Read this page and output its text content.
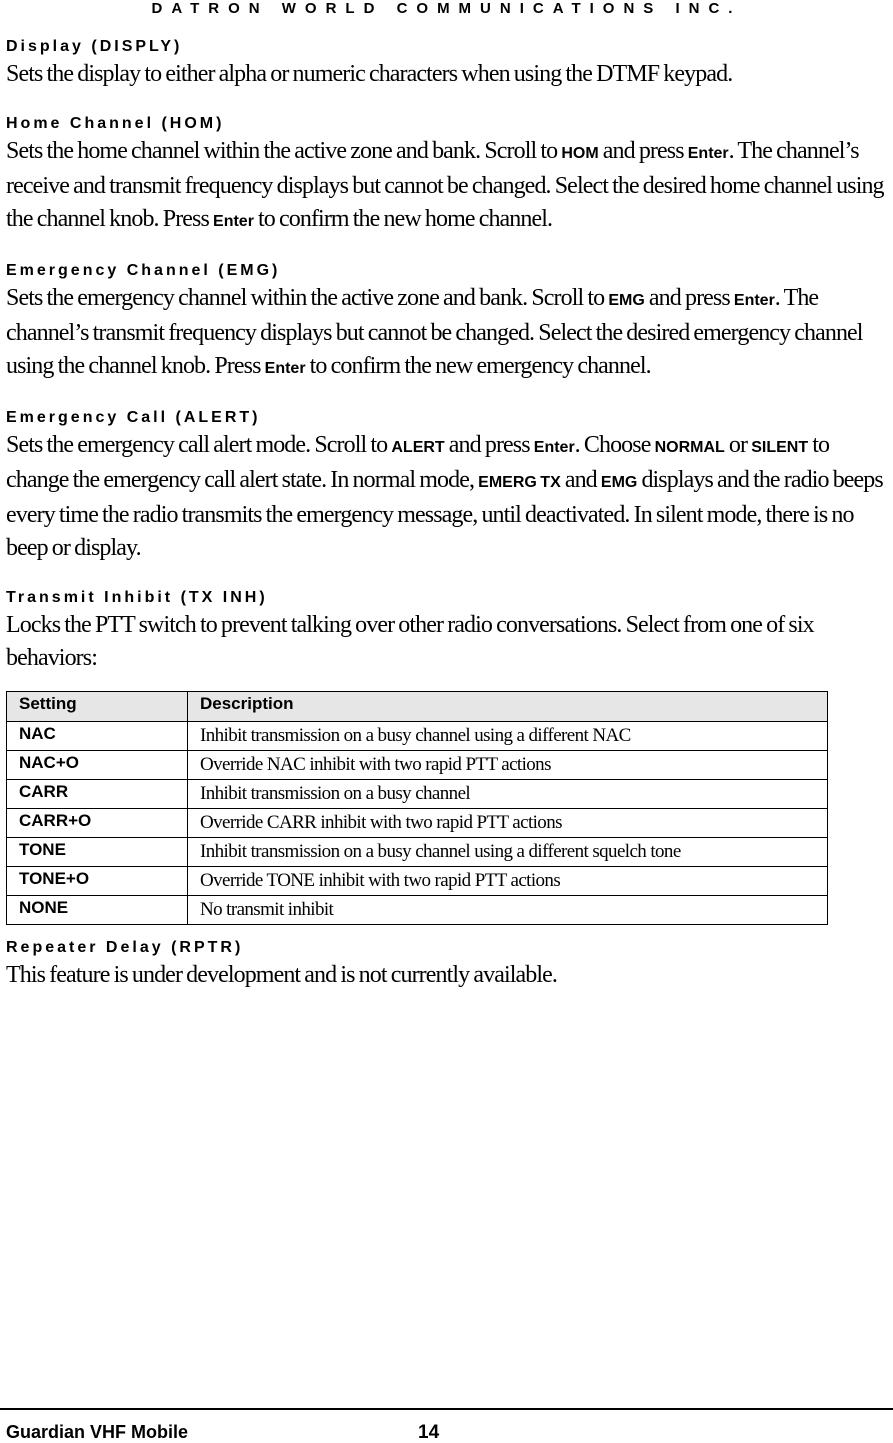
DATRON WORLD COMMUNICATIONS INC.
Display (DISPLY)

Sets the display to either alpha or numeric characters when using the DTMF keypad.

Home Channel (HOM)

Sets the home channel within the active zone and bank. Scroll to HOM and press Enter. The channel’s receive and transmit frequency displays but cannot be changed. Select the desired home channel using the channel knob. Press Enter to confirm the new home channel.

Emergency Channel (EMG)

Sets the emergency channel within the active zone and bank. Scroll to EMG and press Enter. The channel’s transmit frequency displays but cannot be changed. Select the desired emergency channel using the channel knob. Press Enter to confirm the new emergency channel.

Emergency Call (ALERT)

Sets the emergency call alert mode. Scroll to ALERT and press Enter. Choose NORMAL or SILENT to change the emergency call alert state. In normal mode, EMERG TX and EMG displays and the radio beeps every time the radio transmits the emergency message, until deactivated. In silent mode, there is no beep or display.

Transmit Inhibit (TX INH)

Locks the PTT switch to prevent talking over other radio conversations. Select from one of six behaviors:

Setting	Description
NAC	Inhibit transmission on a busy channel using a different NAC
NAC+O	Override NAC inhibit with two rapid PTT actions
CARR	Inhibit transmission on a busy channel
CARR+O	Override CARR inhibit with two rapid PTT actions
TONE	Inhibit transmission on a busy channel using a different squelch tone
TONE+O	Override TONE inhibit with two rapid PTT actions
NONE	No transmit inhibit
Repeater Delay (RPTR)

This feature is under development and is not currently available.

Guardian VHF Mobile	14
